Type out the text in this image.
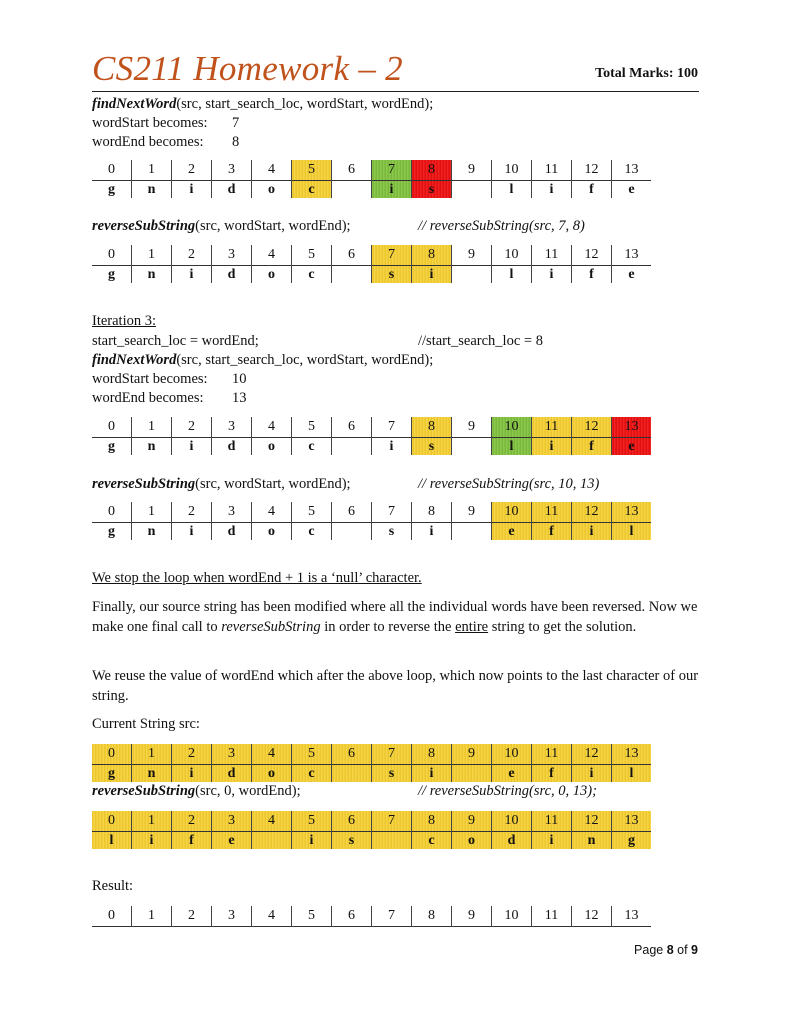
CS211 Homework – 2	Total Marks: 100
findNextWord(src, start_search_loc, wordStart, wordEnd);
wordStart becomes: 7
wordEnd becomes: 8
0	1	2	3	4	5	6	7	8	9	10	11	12	13
g	n	i	d	o	c		i	s		l	i	f	e
reverseSubString(src, wordStart, wordEnd);	// reverseSubString(src, 7, 8)
0	1	2	3	4	5	6	7	8	9	10	11	12	13
g	n	i	d	o	c		s	i		l	i	f	e
Iteration 3:
start_search_loc = wordEnd;	//start_search_loc = 8
findNextWord(src, start_search_loc, wordStart, wordEnd);
wordStart becomes: 10
wordEnd becomes: 13
0	1	2	3	4	5	6	7	8	9	10	11	12	13
g	n	i	d	o	c		i	s		l	i	f	e
reverseSubString(src, wordStart, wordEnd);	// reverseSubString(src, 10, 13)
0	1	2	3	4	5	6	7	8	9	10	11	12	13
g	n	i	d	o	c		s	i		e	f	i	l
We stop the loop when wordEnd + 1 is a ‘null’ character.
Finally, our source string has been modified where all the individual words have been reversed. Now we make one final call to reverseSubString in order to reverse the entire string to get the solution.
We reuse the value of wordEnd which after the above loop, which now points to the last character of our string.
Current String src:
0	1	2	3	4	5	6	7	8	9	10	11	12	13
g	n	i	d	o	c		s	i		e	f	i	l
reverseSubString(src, 0, wordEnd);	// reverseSubString(src, 0, 13);
0	1	2	3	4	5	6	7	8	9	10	11	12	13
l	i	f	e		i	s		c	o	d	i	n	g
Result:
0	1	2	3	4	5	6	7	8	9	10	11	12	13
Page 8 of 9
